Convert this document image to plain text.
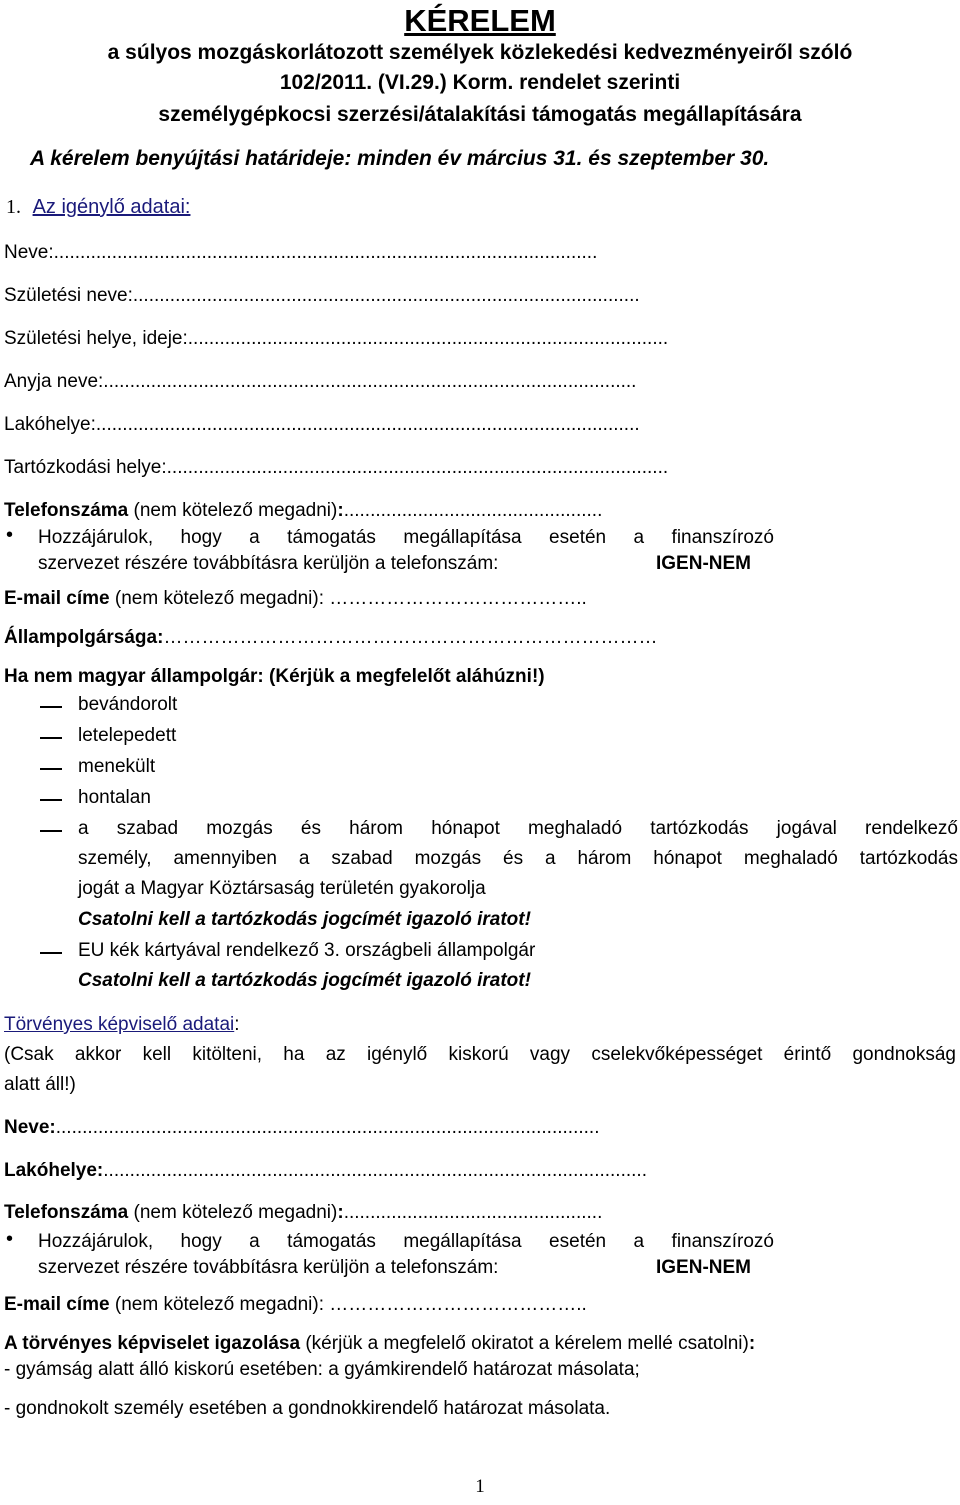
KÉRELEM
a súlyos mozgáskorlátozott személyek közlekedési kedvezményeiről szóló
102/2011. (VI.29.) Korm. rendelet szerinti
személygépkocsi szerzési/átalakítási támogatás megállapítására
A kérelem benyújtási határideje: minden év március 31. és szeptember 30.
1. Az igénylő adatai:
Neve:.......................................................................................................
Születési neve:................................................................................................
Születési helye, ideje:...........................................................................................
Anyja neve:.....................................................................................................
Lakóhelye:.......................................................................................................
Tartózkodási helye:...............................................................................................
Telefonszáma (nem kötelező megadni):.................................................
• Hozzájárulok, hogy a támogatás megállapítása esetén a finanszírozó
szervezet részére továbbításra kerüljön a telefonszám:	IGEN-NEM
E-mail címe (nem kötelező megadni): …………………………………..
Állampolgársága:……………………………………………………………………
Ha nem magyar állampolgár: (Kérjük a megfelelőt aláhúzni!)
bevándorolt
letelepedett
menekült
hontalan
a szabad mozgás és három hónapot meghaladó tartózkodás jogával rendelkező
személy, amennyiben a szabad mozgás és a három hónapot meghaladó tartózkodás
jogát a Magyar Köztársaság területén gyakorolja
Csatolni kell a tartózkodás jogcímét igazoló iratot!
EU kék kártyával rendelkező 3. országbeli állampolgár
Csatolni kell a tartózkodás jogcímét igazoló iratot!
Törvényes képviselő adatai:
(Csak akkor kell kitölteni, ha az igénylő kiskorú vagy cselekvőképességet érintő gondnokság
alatt áll!)
Neve:.......................................................................................................
Lakóhelye:.......................................................................................................
Telefonszáma (nem kötelező megadni):.................................................
• Hozzájárulok, hogy a támogatás megállapítása esetén a finanszírozó
szervezet részére továbbításra kerüljön a telefonszám:	IGEN-NEM
E-mail címe (nem kötelező megadni): …………………………………..
A törvényes képviselet igazolása (kérjük a megfelelő okiratot a kérelem mellé csatolni):
- gyámság alatt álló kiskorú esetében: a gyámkirendelő határozat másolata;
- gondnokolt személy esetében a gondnokkirendelő határozat másolata.
1
